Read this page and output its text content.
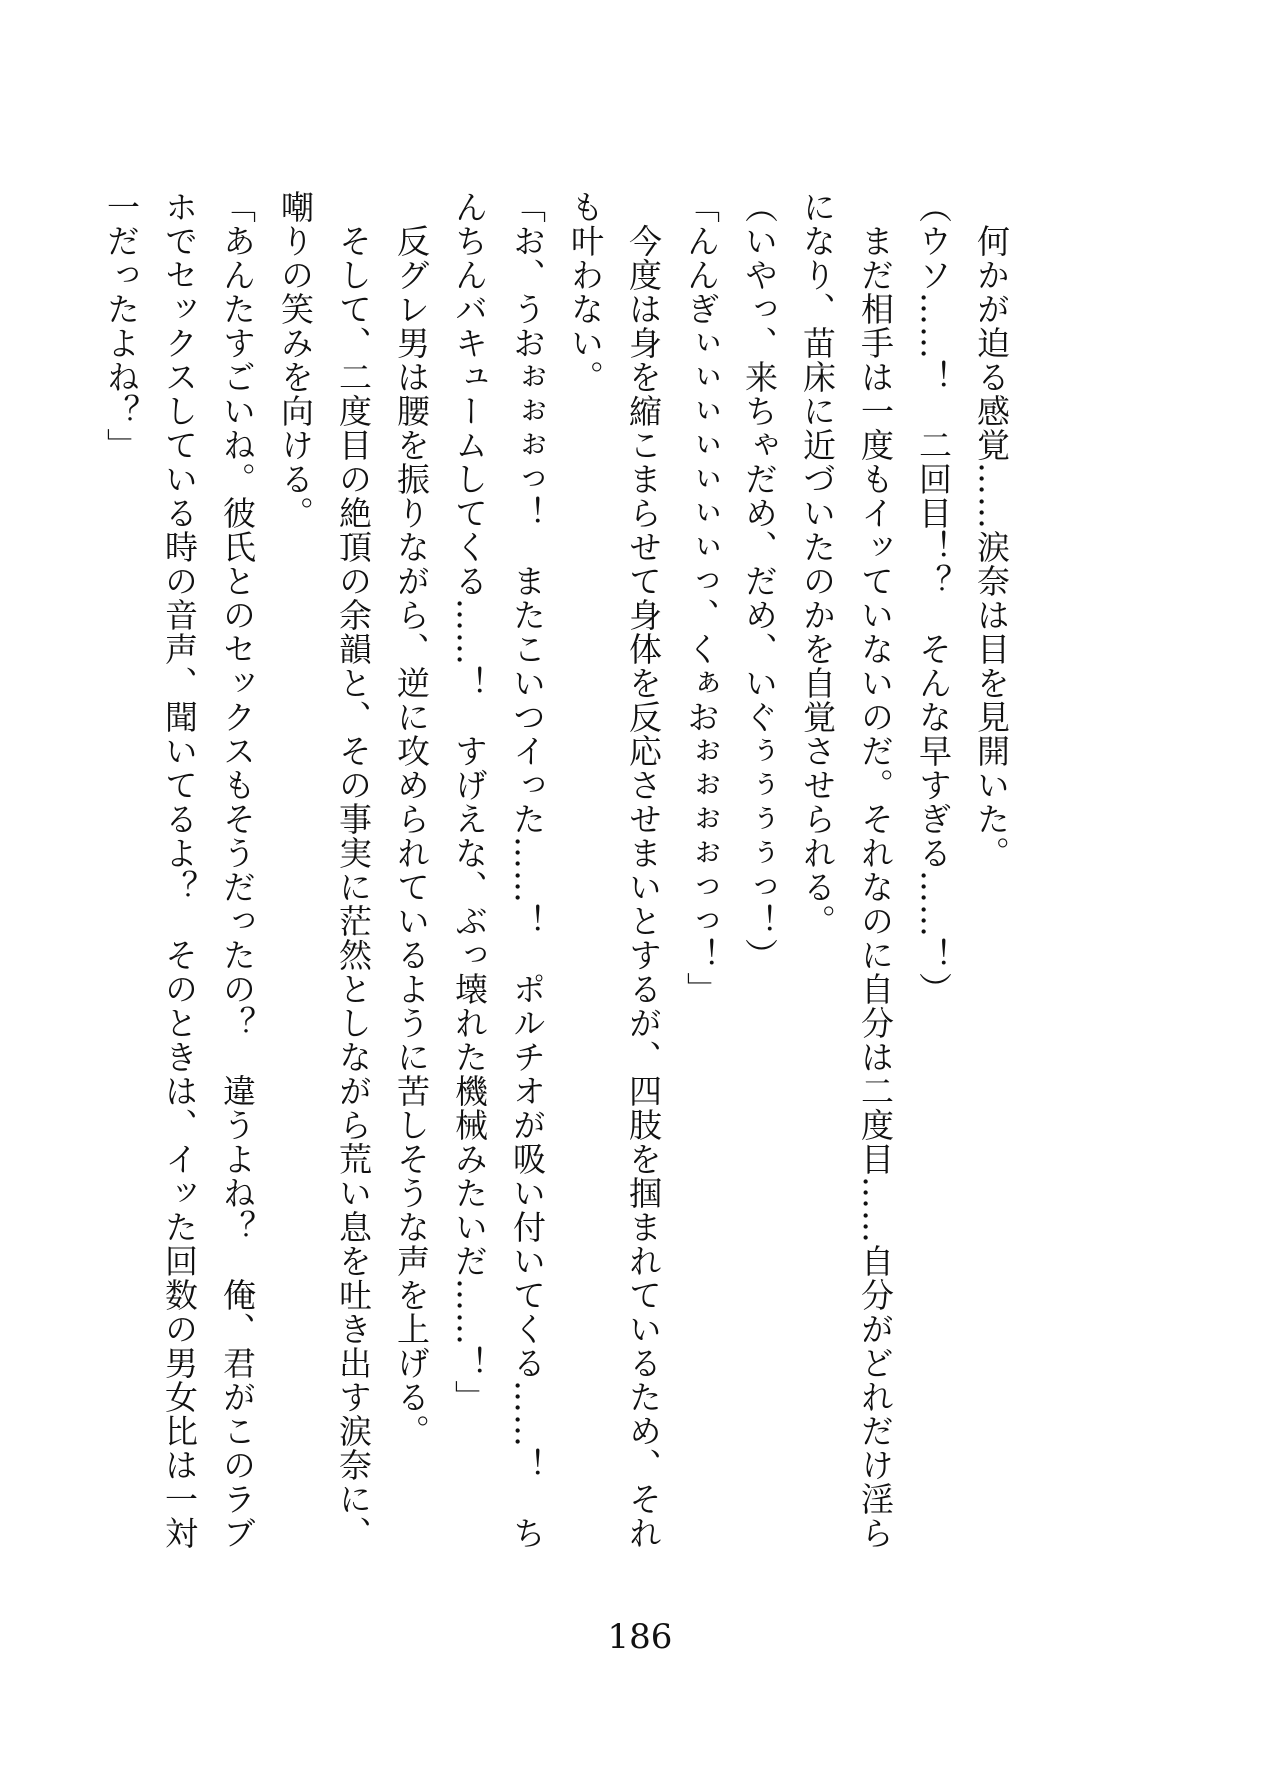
　何かが迫る感覚……涙奈は目を見開いた。
（ウソ……！　二回目！？　そんな早すぎる……！）
　まだ相手は一度もイッていないのだ。それなのに自分は二度目……自分がどれだけ淫ら
になり、苗床に近づいたのかを自覚させられる。
（いやっ、来ちゃだめ、だめ、いぐぅぅぅぅっ！）
「んんぎぃぃぃぃぃぃぃっ、くぁおぉぉぉぉっっ！」
　今度は身を縮こまらせて身体を反応させまいとするが、四肢を掴まれているため、それ
も叶わない。
「お、うおぉぉぉっ！　またこいつイった……！　ポルチオが吸い付いてくる……！　ち
んちんバキュームしてくる……！　すげえな、ぶっ壊れた機械みたいだ……！」
　反グレ男は腰を振りながら、逆に攻められているように苦しそうな声を上げる。
　そして、二度目の絶頂の余韻と、その事実に茫然としながら荒い息を吐き出す涙奈に、
嘲りの笑みを向ける。
「あんたすごいね。彼氏とのセックスもそうだったの？　違うよね？　俺、君がこのラブ
ホでセックスしている時の音声、聞いてるよ？　そのときは、イッた回数の男女比は一対
一だったよね？」
186
